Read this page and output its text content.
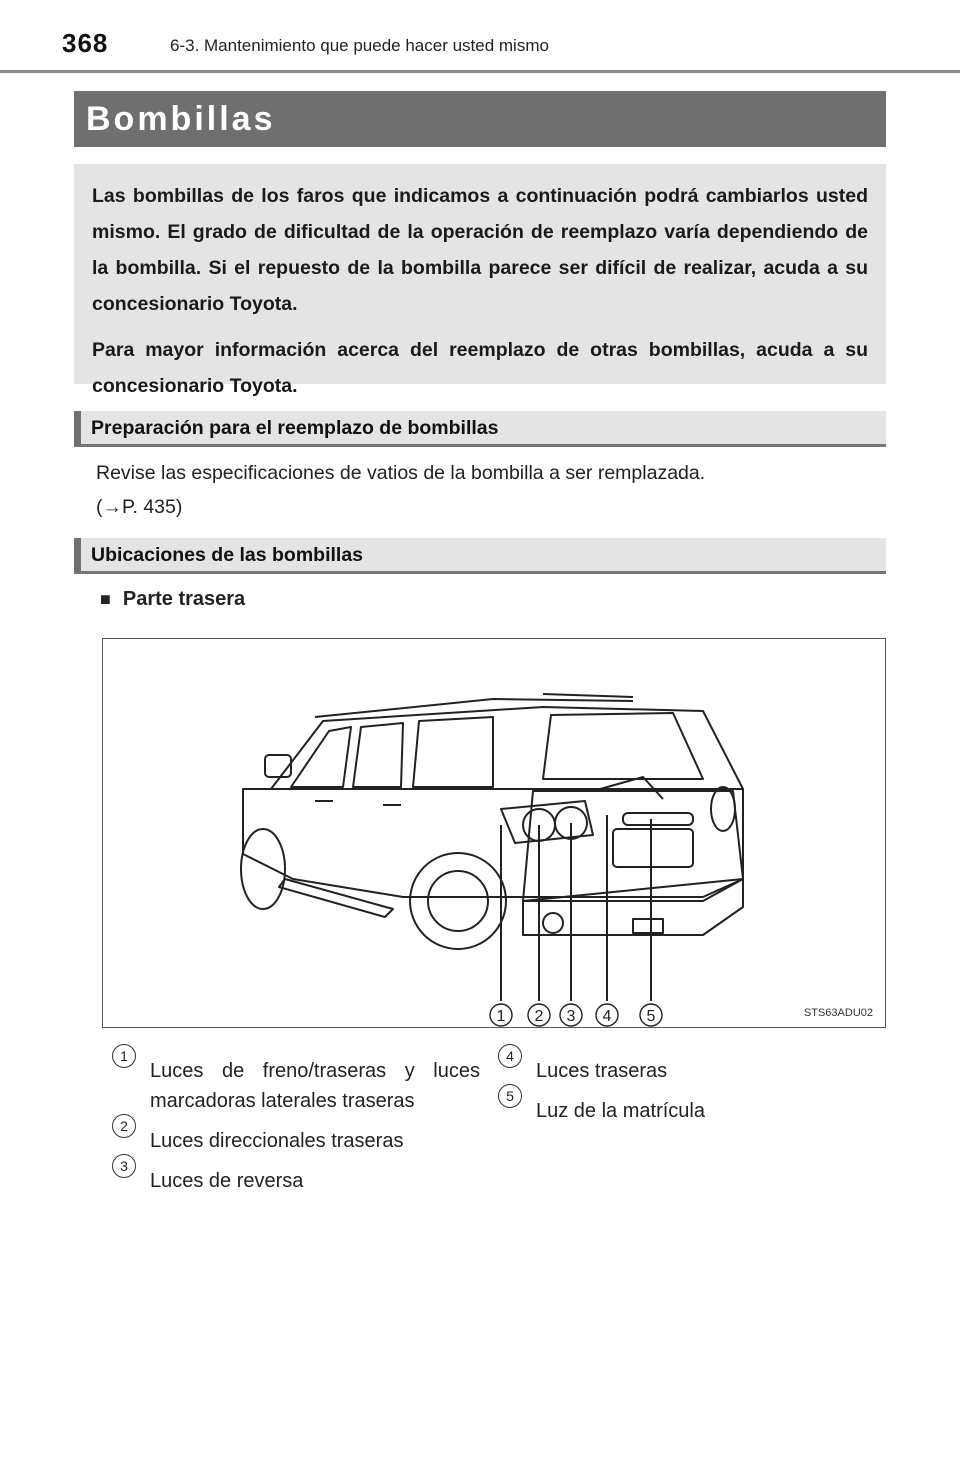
368	6-3. Mantenimiento que puede hacer usted mismo
Bombillas

Las bombillas de los faros que indicamos a continuación podrá cambiarlos usted mismo. El grado de dificultad de la operación de reemplazo varía dependiendo de la bombilla. Si el repuesto de la bombilla parece ser difícil de realizar, acuda a su concesionario Toyota.

Para mayor información acerca del reemplazo de otras bombillas, acuda a su concesionario Toyota.

Preparación para el reemplazo de bombillas
Revise las especificaciones de vatios de la bombilla a ser remplazada.
(→P. 435)
Ubicaciones de las bombillas
■ Parte trasera
1 2 3 4 5	STS63ADU02
1
Luces de freno/traseras y luces marcadoras laterales traseras
2
Luces direccionales traseras
3
Luces de reversa
4
Luces traseras
5
Luz de la matrícula
